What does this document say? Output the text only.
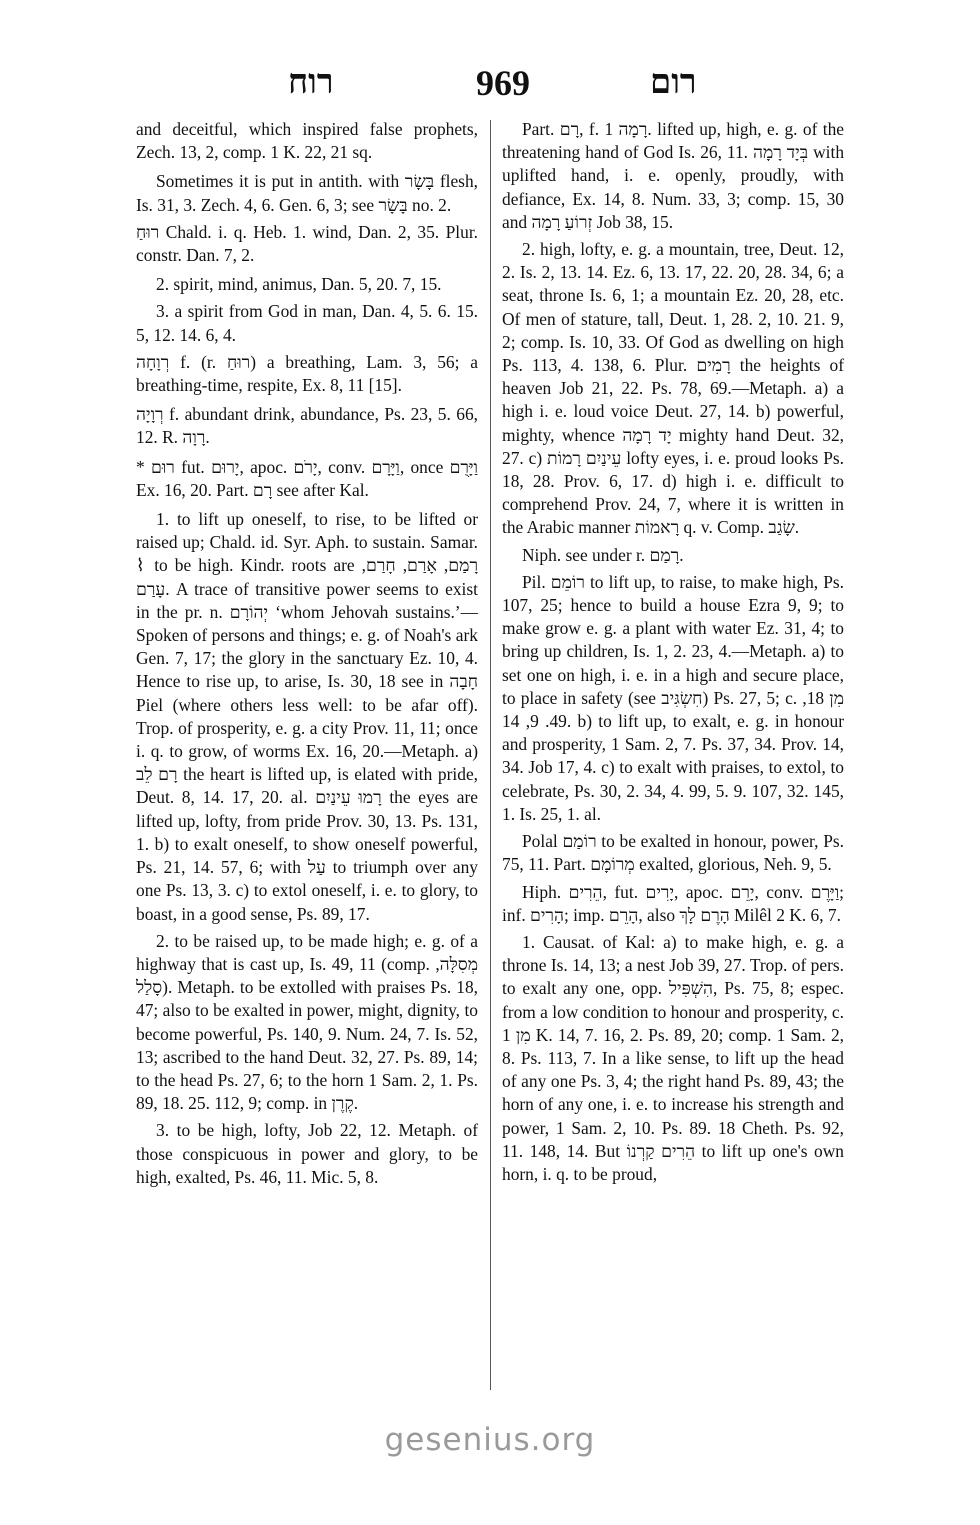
רוח	969	רום

and deceitful, which inspired false prophets, Zech. 13, 2, comp. 1 K. 22, 21 sq.

Sometimes it is put in antith. with בָּשָׂר flesh, Is. 31, 3. Zech. 4, 6. Gen. 6, 3; see בָּשָׂר no. 2.

רוּחַ Chald. i. q. Heb. 1. wind, Dan. 2, 35. Plur. constr. Dan. 7, 2.

2. spirit, mind, animus, Dan. 5, 20. 7, 15.

3. a spirit from God in man, Dan. 4, 5. 6. 15. 5, 12. 14. 6, 4.

רְוָחָה f. (r. רוּחַ) a breathing, Lam. 3, 56; a breathing-time, respite, Ex. 8, 11 [15].

רְוָיָה f. abundant drink, abundance, Ps. 23, 5. 66, 12. R. רָוָה.

* רוּם fut. יָרוּם, apoc. יָרֹם, conv. וַיָּרָם, once וַיָּרֻם Ex. 16, 20. Part. רָם see after Kal.

1. to lift up oneself, to rise, to be lifted or raised up; Chald. id. Syr. Aph. to sustain. Samar. ⌇ to be high. Kindr. roots are רָמַם, אָרַם, חָרַם, עָרַם. A trace of transitive power seems to exist in the pr. n. יְהוֹרָם ‘whom Jehovah sustains.’—Spoken of persons and things; e. g. of Noah's ark Gen. 7, 17; the glory in the sanctuary Ez. 10, 4. Hence to rise up, to arise, Is. 30, 18 see in חָבָה Piel (where others less well: to be afar off). Trop. of prosperity, e. g. a city Prov. 11, 11; once i. q. to grow, of worms Ex. 16, 20.—Metaph. a) רָם לֵב the heart is lifted up, is elated with pride, Deut. 8, 14. 17, 20. al. רָמוּ עֵינַיִם the eyes are lifted up, lofty, from pride Prov. 30, 13. Ps. 131, 1. b) to exalt oneself, to show oneself powerful, Ps. 21, 14. 57, 6; with עַל to triumph over any one Ps. 13, 3. c) to extol oneself, i. e. to glory, to boast, in a good sense, Ps. 89, 17.

2. to be raised up, to be made high; e. g. of a highway that is cast up, Is. 49, 11 (comp. מְסִלָּה, סָלַל). Metaph. to be extolled with praises Ps. 18, 47; also to be exalted in power, might, dignity, to become powerful, Ps. 140, 9. Num. 24, 7. Is. 52, 13; ascribed to the hand Deut. 32, 27. Ps. 89, 14; to the head Ps. 27, 6; to the horn 1 Sam. 2, 1. Ps. 89, 18. 25. 112, 9; comp. in קֶרֶן.

3. to be high, lofty, Job 22, 12. Metaph. of those conspicuous in power and glory, to be high, exalted, Ps. 46, 11. Mic. 5, 8.

Part. רָם, f. רָמָה 1. lifted up, high, e. g. of the threatening hand of God Is. 26, 11. בְּיָד רָמָה with uplifted hand, i. e. openly, proudly, with defiance, Ex. 14, 8. Num. 33, 3; comp. 15, 30 and זְרוֹעַ רָמָה Job 38, 15.

2. high, lofty, e. g. a mountain, tree, Deut. 12, 2. Is. 2, 13. 14. Ez. 6, 13. 17, 22. 20, 28. 34, 6; a seat, throne Is. 6, 1; a mountain Ez. 20, 28, etc. Of men of stature, tall, Deut. 1, 28. 2, 10. 21. 9, 2; comp. Is. 10, 33. Of God as dwelling on high Ps. 113, 4. 138, 6. Plur. רָמִים the heights of heaven Job 21, 22. Ps. 78, 69.—Metaph. a) a high i. e. loud voice Deut. 27, 14. b) powerful, mighty, whence יָד רָמָה mighty hand Deut. 32, 27. c) עֵינַיִם רָמוֹת lofty eyes, i. e. proud looks Ps. 18, 28. Prov. 6, 17. d) high i. e. difficult to comprehend Prov. 24, 7, where it is written in the Arabic manner רָאמוֹת q. v. Comp. שָׂגַב.

Niph. see under r. רָמַם.

Pil. רוֹמֵם to lift up, to raise, to make high, Ps. 107, 25; hence to build a house Ezra 9, 9; to make grow e. g. a plant with water Ez. 31, 4; to bring up children, Is. 1, 2. 23, 4.—Metaph. a) to set one on high, i. e. in a high and secure place, to place in safety (see חִשְׂגִּיב) Ps. 27, 5; c. מִן 18, 49. 9, 14. b) to lift up, to exalt, e. g. in honour and prosperity, 1 Sam. 2, 7. Ps. 37, 34. Prov. 14, 34. Job 17, 4. c) to exalt with praises, to extol, to celebrate, Ps. 30, 2. 34, 4. 99, 5. 9. 107, 32. 145, 1. Is. 25, 1. al.

Polal רוֹמַם to be exalted in honour, power, Ps. 75, 11. Part. מְרוֹמָם exalted, glorious, Neh. 9, 5.

Hiph. הֵרִים, fut. יָרִים, apoc. יָרֵם, conv. וַיָּרֶם; inf. הָרִים; imp. הָרֵם, also הָרֶם לָךְ Milêl 2 K. 6, 7.

1. Causat. of Kal: a) to make high, e. g. a throne Is. 14, 13; a nest Job 39, 27. Trop. of pers. to exalt any one, opp. הִשְׁפִּיל, Ps. 75, 8; espec. from a low condition to honour and prosperity, c. מִן 1 K. 14, 7. 16, 2. Ps. 89, 20; comp. 1 Sam. 2, 8. Ps. 113, 7. In a like sense, to lift up the head of any one Ps. 3, 4; the right hand Ps. 89, 43; the horn of any one, i. e. to increase his strength and power, 1 Sam. 2, 10. Ps. 89. 18 Cheth. Ps. 92, 11. 148, 14. But הֵרִים קַרְנוֹ to lift up one's own horn, i. q. to be proud,

gesenius.org
